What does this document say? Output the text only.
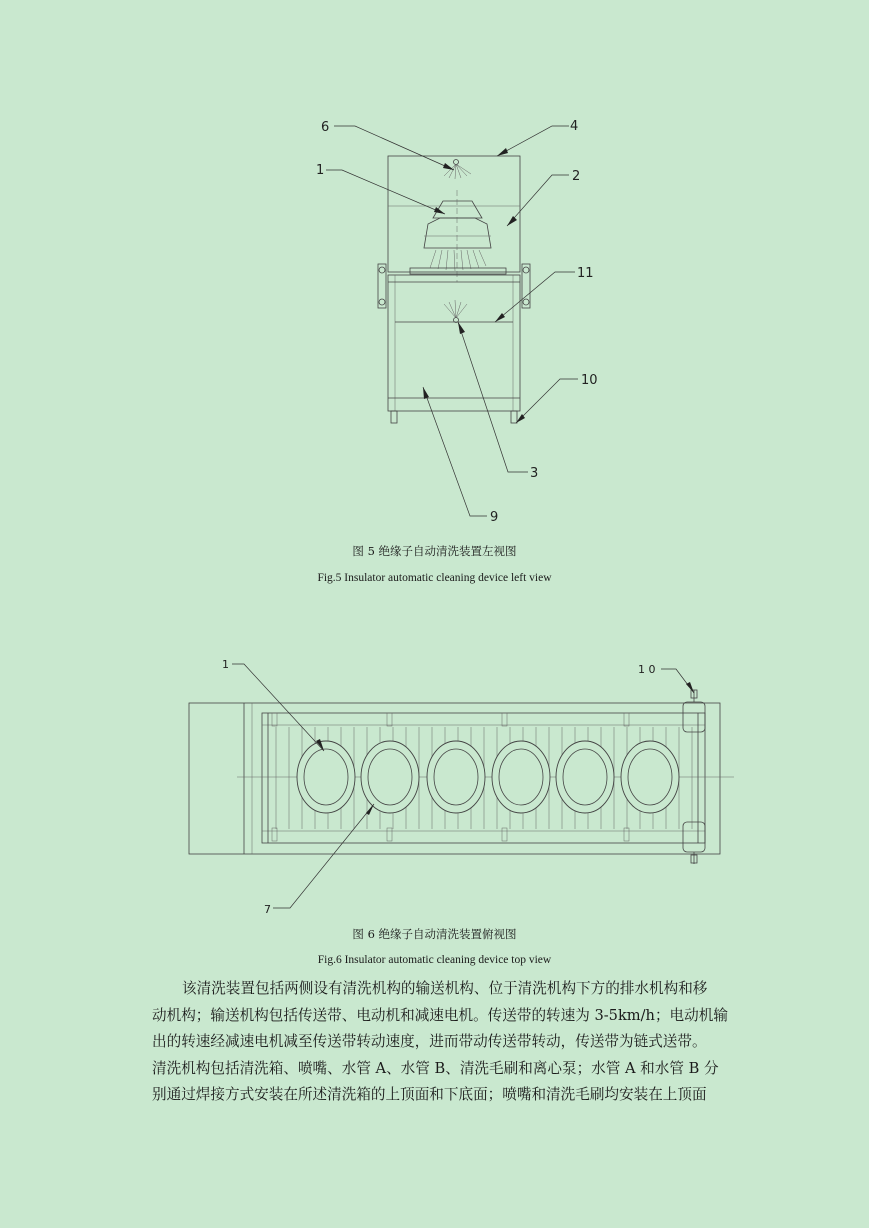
6	4
1	2
11
10
3
9
图 5 绝缘子自动清洗装置左视图
Fig.5 Insulator automatic cleaning device left view
1	1 0
7
图 6 绝缘子自动清洗装置俯视图
Fig.6 Insulator automatic cleaning device top view
该清洗装置包括两侧设有清洗机构的输送机构、位于清洗机构下方的排水机构和移
动机构；输送机构包括传送带、电动机和减速电机。传送带的转速为 3-5km/h；电动机输
出的转速经减速电机减至传送带转动速度，进而带动传送带转动，传送带为链式送带。
清洗机构包括清洗箱、喷嘴、水管 A、水管 B、清洗毛刷和离心泵；水管 A 和水管 B 分
别通过焊接方式安装在所述清洗箱的上顶面和下底面；喷嘴和清洗毛刷均安装在上顶面
